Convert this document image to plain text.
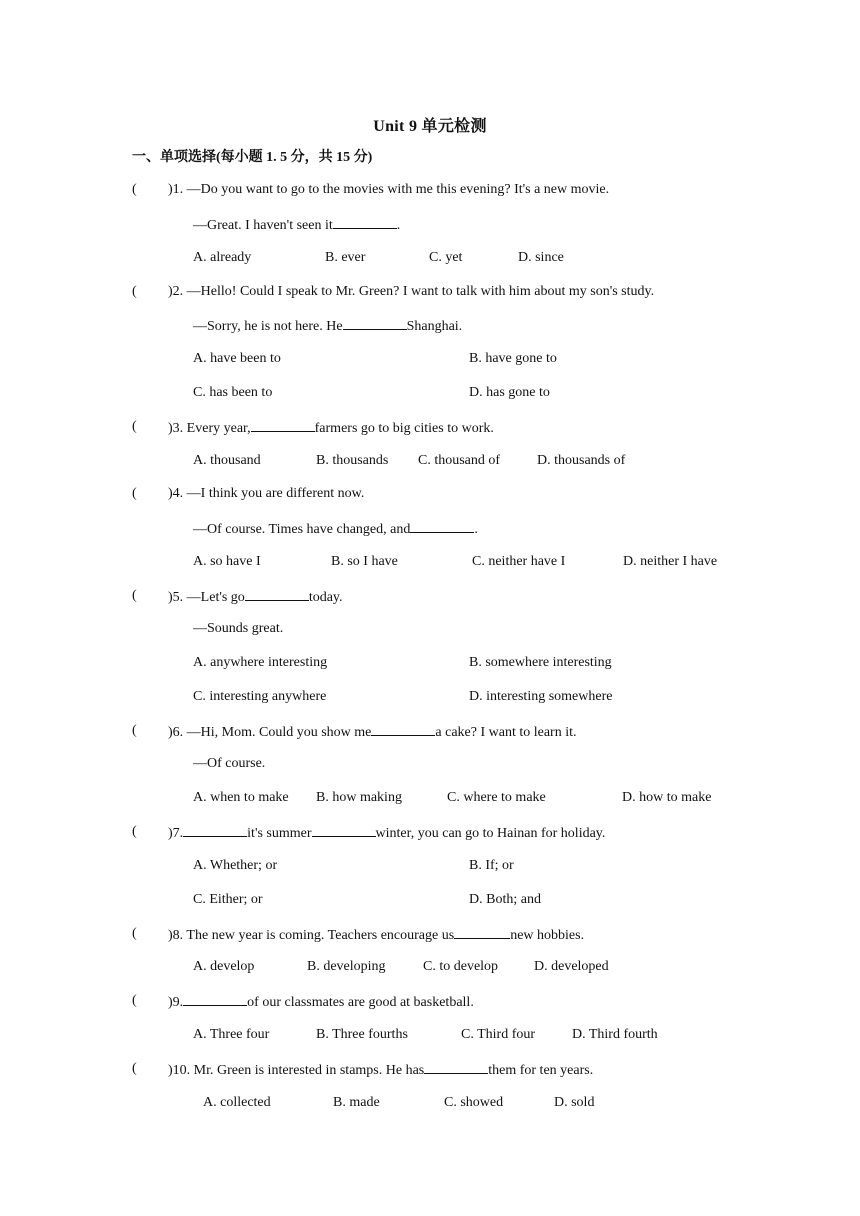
Unit 9 单元检测
一、单项选择(每小题 1. 5 分，共 15 分)
( )1. —Do you want to go to the movies with me this evening? It's a new movie.
—Great. I haven't seen it	.
A. already	B. ever	C. yet	D. since
( )2. —Hello! Could I speak to Mr. Green? I want to talk with him about my son's study.
—Sorry, he is not here. He	Shanghai.
A. have been to	B. have gone to
C. has been to	D. has gone to
( )3. Every year,	farmers go to big cities to work.
A. thousand	B. thousands C. thousand of	D. thousands of
( )4. —I think you are different now.
—Of course. Times have changed, and	.
A. so have I	B. so I have	C. neither have I	D. neither I have
( )5. —Let's go	today.
—Sounds great.
A. anywhere interesting	B. somewhere interesting
C. interesting anywhere	D. interesting somewhere
( )6. —Hi, Mom. Could you show me	a cake? I want to learn it.
—Of course.
A. when to make B. how making	C. where to make	D. how to make
( )7.	it's summer	winter, you can go to Hainan for holiday.
A. Whether; or	B. If; or
C. Either; or	D. Both; and
( )8. The new year is coming. Teachers encourage us	new hobbies.
A. develop	B. developing	C. to develop	D. developed
( )9.	of our classmates are good at basketball.
A. Three four	B. Three fourths	C. Third four	D. Third fourth
( )10. Mr. Green is interested in stamps. He has	them for ten years.
A. collected	B. made	C. showed	D. sold
